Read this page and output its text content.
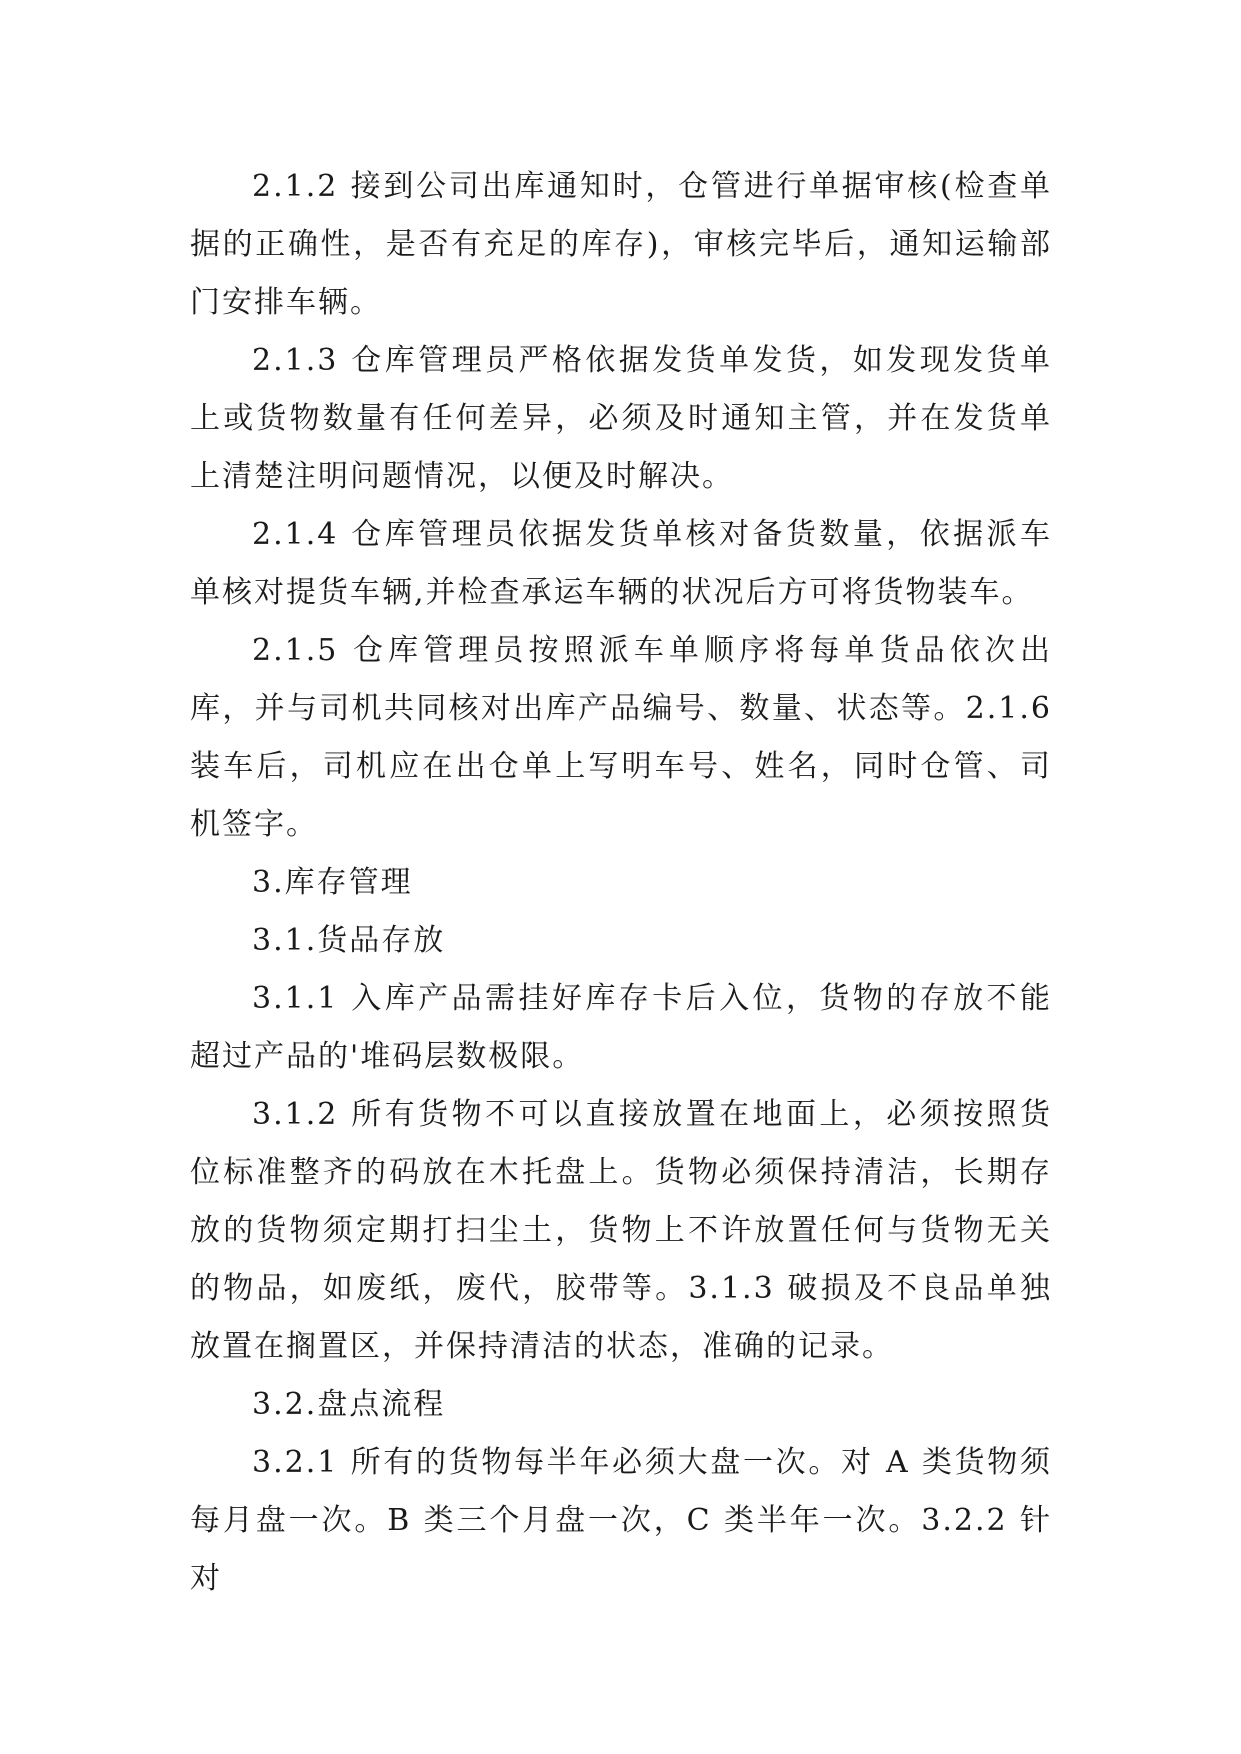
2.1.2 接到公司出库通知时，仓管进行单据审核(检查单据的正确性，是否有充足的库存)，审核完毕后，通知运输部门安排车辆。

2.1.3 仓库管理员严格依据发货单发货，如发现发货单上或货物数量有任何差异，必须及时通知主管，并在发货单上清楚注明问题情况，以便及时解决。

2.1.4 仓库管理员依据发货单核对备货数量，依据派车单核对提货车辆,并检查承运车辆的状况后方可将货物装车。

2.1.5 仓库管理员按照派车单顺序将每单货品依次出库，并与司机共同核对出库产品编号、数量、状态等。2.1.6 装车后，司机应在出仓单上写明车号、姓名，同时仓管、司机签字。

3.库存管理

3.1.货品存放

3.1.1 入库产品需挂好库存卡后入位，货物的存放不能超过产品的'堆码层数极限。

3.1.2 所有货物不可以直接放置在地面上，必须按照货位标准整齐的码放在木托盘上。货物必须保持清洁，长期存放的货物须定期打扫尘土，货物上不许放置任何与货物无关的物品，如废纸，废代，胶带等。3.1.3 破损及不良品单独放置在搁置区，并保持清洁的状态，准确的记录。

3.2.盘点流程

3.2.1 所有的货物每半年必须大盘一次。对 A 类货物须每月盘一次。B 类三个月盘一次，C 类半年一次。3.2.2 针对
